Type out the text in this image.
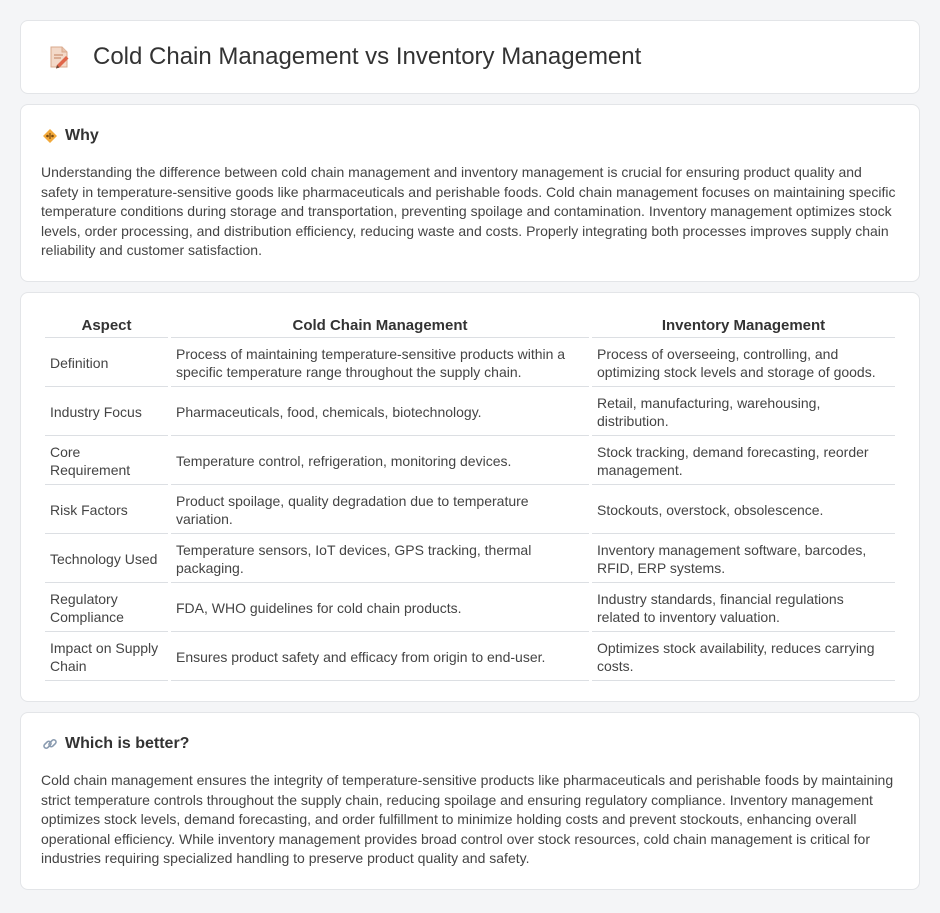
Cold Chain Management vs Inventory Management
Why

Understanding the difference between cold chain management and inventory management is crucial for ensuring product quality and safety in temperature-sensitive goods like pharmaceuticals and perishable foods. Cold chain management focuses on maintaining specific temperature conditions during storage and transportation, preventing spoilage and contamination. Inventory management optimizes stock levels, order processing, and distribution efficiency, reducing waste and costs. Properly integrating both processes improves supply chain reliability and customer satisfaction.

Aspect	Cold Chain Management	Inventory Management
Definition	Process of maintaining temperature-sensitive products within a specific temperature range throughout the supply chain.	Process of overseeing, controlling, and optimizing stock levels and storage of goods.
Industry Focus	Pharmaceuticals, food, chemicals, biotechnology.	Retail, manufacturing, warehousing, distribution.
Core Requirement	Temperature control, refrigeration, monitoring devices.	Stock tracking, demand forecasting, reorder management.
Risk Factors	Product spoilage, quality degradation due to temperature variation.	Stockouts, overstock, obsolescence.
Technology Used	Temperature sensors, IoT devices, GPS tracking, thermal packaging.	Inventory management software, barcodes, RFID, ERP systems.
Regulatory Compliance	FDA, WHO guidelines for cold chain products.	Industry standards, financial regulations related to inventory valuation.
Impact on Supply Chain	Ensures product safety and efficacy from origin to end-user.	Optimizes stock availability, reduces carrying costs.
Which is better?

Cold chain management ensures the integrity of temperature-sensitive products like pharmaceuticals and perishable foods by maintaining strict temperature controls throughout the supply chain, reducing spoilage and ensuring regulatory compliance. Inventory management optimizes stock levels, demand forecasting, and order fulfillment to minimize holding costs and prevent stockouts, enhancing overall operational efficiency. While inventory management provides broad control over stock resources, cold chain management is critical for industries requiring specialized handling to preserve product quality and safety.
